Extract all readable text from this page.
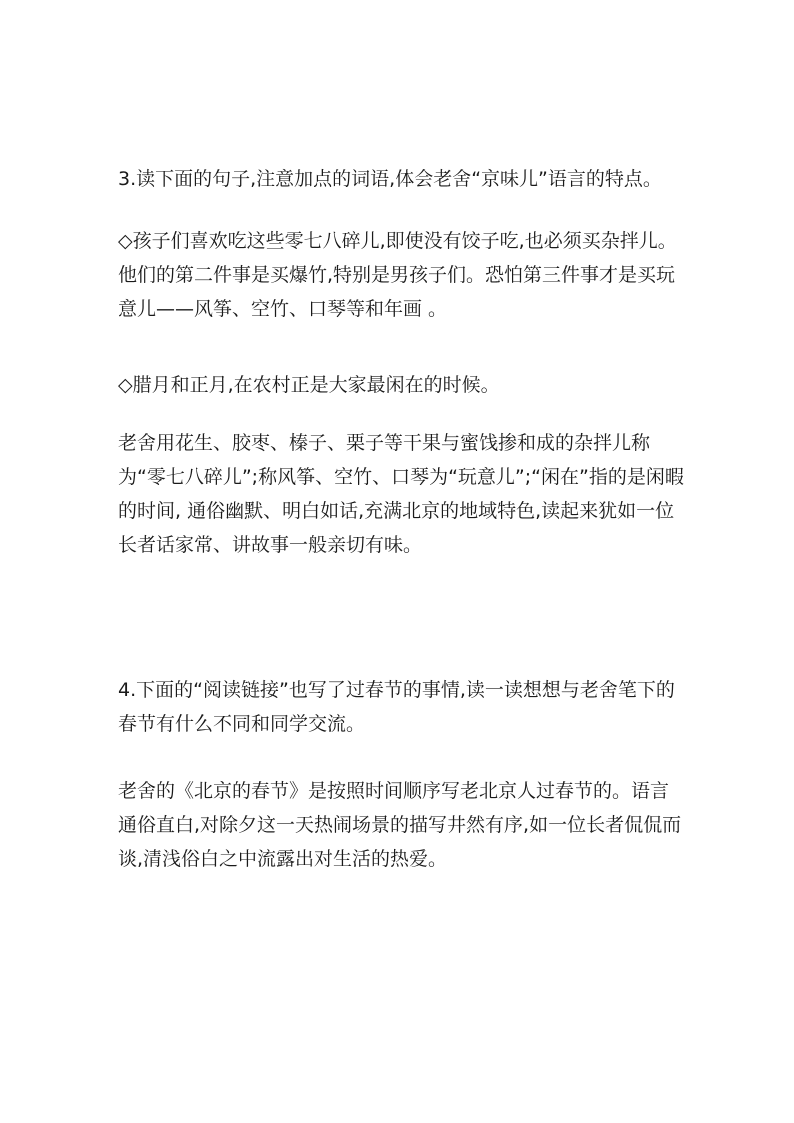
3.读下面的句子,注意加点的词语,体会老舍“京味儿”语言的特点。

◇孩子们喜欢吃这些零七八碎儿,即使没有饺子吃,也必须买杂拌儿。他们的第二件事是买爆竹,特别是男孩子们。恐怕第三件事才是买玩意儿——风筝、空竹、口琴等和年画 。

◇腊月和正月,在农村正是大家最闲在的时候。

老舍用花生、胶枣、榛子、栗子等干果与蜜饯掺和成的杂拌儿称为“零七八碎儿”;称风筝、空竹、口琴为“玩意儿”;“闲在”指的是闲暇的时间, 通俗幽默、明白如话,充满北京的地域特色,读起来犹如一位长者话家常、讲故事一般亲切有味。

4.下面的“阅读链接”也写了过春节的事情,读一读想想与老舍笔下的春节有什么不同和同学交流。

老舍的《北京的春节》是按照时间顺序写老北京人过春节的。语言通俗直白,对除夕这一天热闹场景的描写井然有序,如一位长者侃侃而谈,清浅俗白之中流露出对生活的热爱。
